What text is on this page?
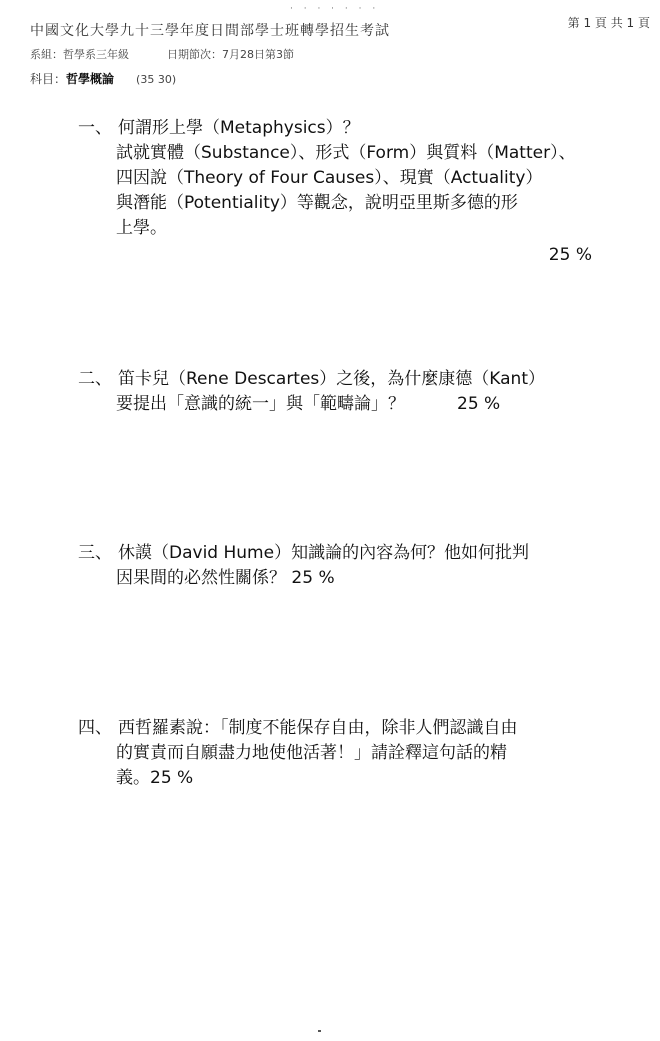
· · · · · · ·
中國文化大學九十三學年度日間部學士班轉學招生考試	第 1 頁 共 1 頁
系組：哲學系三年級	日期節次：7月28日第3節
科目：哲學概論 (35 30)
一、 何謂形上學（Metaphysics）？
試就實體（Substance）、形式（Form）與質料（Matter）、
四因說（Theory of Four Causes）、現實（Actuality）
與潛能（Potentiality）等觀念，說明亞里斯多德的形
上學。
25 %
二、 笛卡兒（Rene Descartes）之後，為什麼康德（Kant）
要提出「意識的統一」與「範疇論」？	25 %
三、 休謨（David Hume）知識論的內容為何？他如何批判
因果間的必然性關係？ 25 %
四、 西哲羅素說：「制度不能保存自由，除非人們認識自由
的實責而自願盡力地使他活著！」請詮釋這句話的精
義。25 %
